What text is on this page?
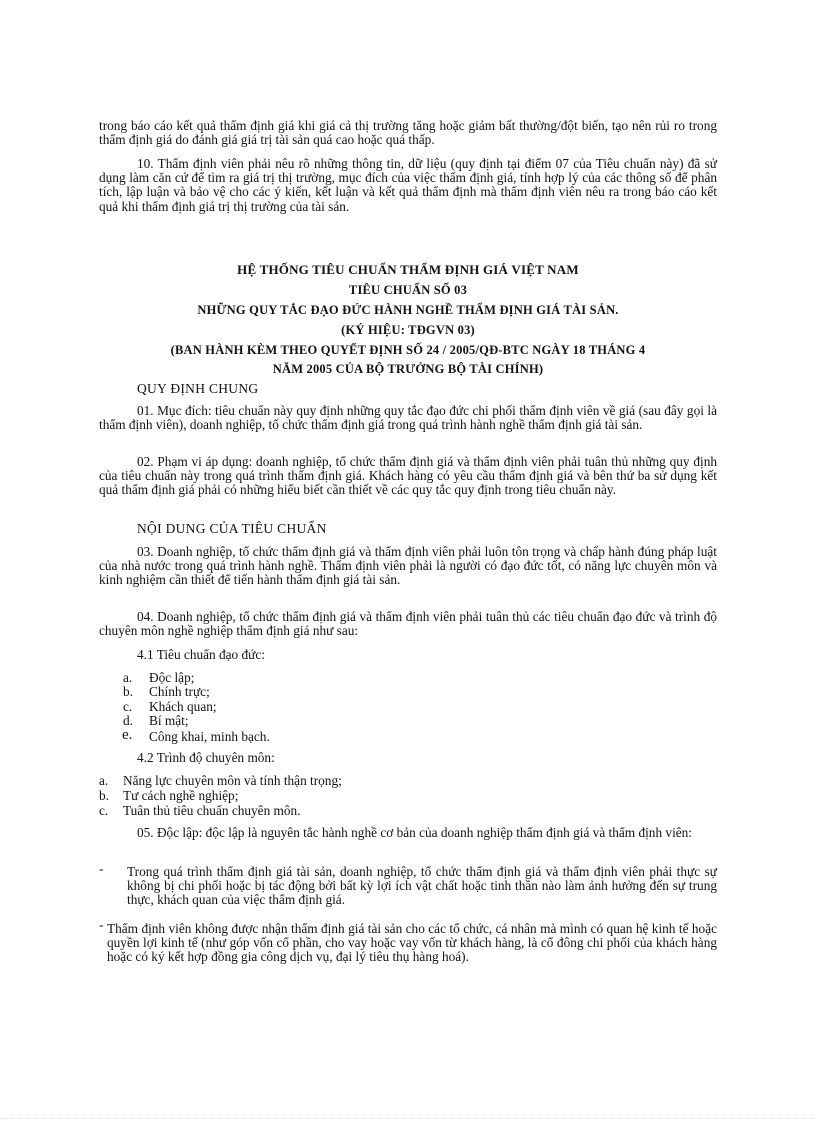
trong báo cáo kết quả thẩm định giá khi giá cả thị trường tăng hoặc giảm bất thường/đột biến, tạo nên rủi ro trong thẩm định giá do đánh giá giá trị tài sản quá cao hoặc quá thấp.

10. Thẩm định viên phải nêu rõ những thông tin, dữ liệu (quy định tại điểm 07 của Tiêu chuẩn này) đã sử dụng làm căn cứ để tìm ra giá trị thị trường, mục đích của việc thẩm định giá, tính hợp lý của các thông số để phân tích, lập luận và bảo vệ cho các ý kiến, kết luận và kết quả thẩm định mà thẩm định viên nêu ra trong báo cáo kết quả khi thẩm định giá trị thị trường của tài sản.

HỆ THỐNG TIÊU CHUẨN THẨM ĐỊNH GIÁ VIỆT NAM

TIÊU CHUẨN SỐ 03

NHỮNG QUY TẮC ĐẠO ĐỨC HÀNH NGHỀ THẨM ĐỊNH GIÁ TÀI SẢN.

(KÝ HIỆU: TĐGVN 03)

(BAN HÀNH KÈM THEO QUYẾT ĐỊNH SỐ 24 / 2005/QĐ-BTC NGÀY 18 THÁNG 4

NĂM 2005 CỦA BỘ TRƯỞNG BỘ TÀI CHÍNH)

QUY ĐỊNH CHUNG

01. Mục đích: tiêu chuẩn này quy định những quy tắc đạo đức chi phối thẩm định viên về giá (sau đây gọi là thẩm định viên), doanh nghiệp, tổ chức thẩm định giá trong quá trình hành nghề thẩm định giá tài sản.

02. Phạm vi áp dụng: doanh nghiệp, tổ chức thẩm định giá và thẩm định viên phải tuân thủ những quy định của tiêu chuẩn này trong quá trình thẩm định giá. Khách hàng có yêu cầu thẩm định giá và bên thứ ba sử dụng kết quả thẩm định giá phải có những hiểu biết cần thiết về các quy tắc quy định trong tiêu chuẩn này.

NỘI DUNG CỦA TIÊU CHUẨN

03. Doanh nghiệp, tổ chức thẩm định giá và thẩm định viên phải luôn tôn trọng và chấp hành đúng pháp luật của nhà nước trong quá trình hành nghề. Thẩm định viên phải là người có đạo đức tốt, có năng lực chuyên môn và kinh nghiệm cần thiết để tiến hành thẩm định giá tài sản.

04. Doanh nghiệp, tổ chức thẩm định giá và thẩm định viên phải tuân thủ các tiêu chuẩn đạo đức và trình độ chuyên môn nghề nghiệp thẩm định giá như sau:

4.1 Tiêu chuẩn đạo đức:

a. Độc lập;

b. Chính trực;

c. Khách quan;

d. Bí mật;

e. Công khai, minh bạch.

4.2 Trình độ chuyên môn:

a. Năng lực chuyên môn và tính thận trọng;

b. Tư cách nghề nghiệp;

c. Tuân thủ tiêu chuẩn chuyên môn.

05. Độc lập: độc lập là nguyên tắc hành nghề cơ bản của doanh nghiệp thẩm định giá và thẩm định viên:

- Trong quá trình thẩm định giá tài sản, doanh nghiệp, tổ chức thẩm định giá và thẩm định viên phải thực sự không bị chi phối hoặc bị tác động bởi bất kỳ lợi ích vật chất hoặc tinh thần nào làm ảnh hưởng đến sự trung thực, khách quan của việc thẩm định giá.

- Thẩm định viên không được nhận thẩm định giá tài sản cho các tổ chức, cá nhân mà mình có quan hệ kinh tế hoặc quyền lợi kinh tế (như góp vốn cổ phần, cho vay hoặc vay vốn từ khách hàng, là cổ đông chi phối của khách hàng hoặc có ký kết hợp đồng gia công dịch vụ, đại lý tiêu thụ hàng hoá).
